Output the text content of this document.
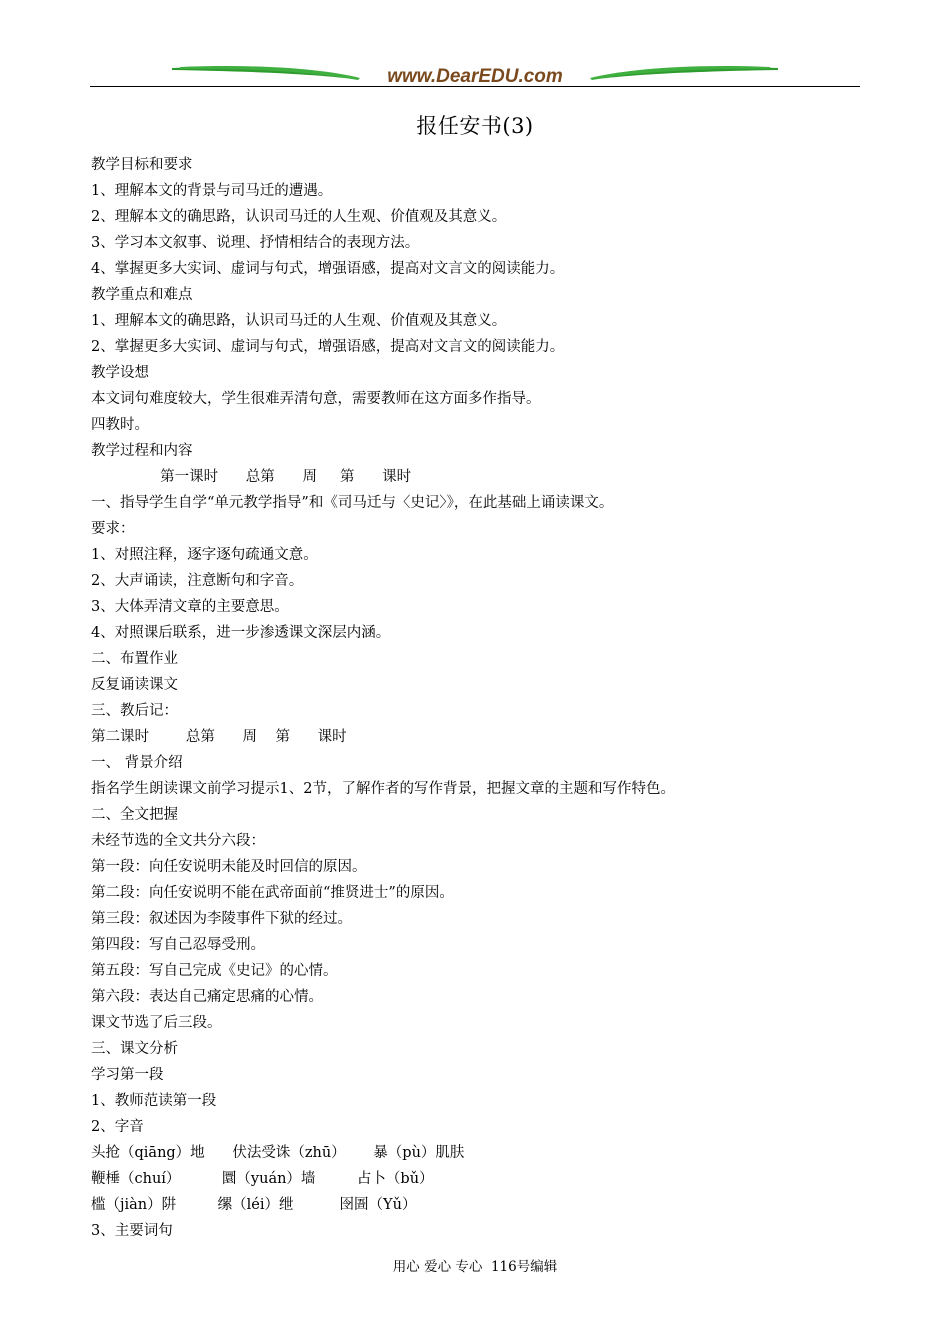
www.DearEDU.com
报任安书(3)
教学目标和要求
1、理解本文的背景与司马迁的遭遇。
2、理解本文的确思路，认识司马迁的人生观、价值观及其意义。
3、学习本文叙事、说理、抒情相结合的表现方法。
4、掌握更多大实词、虚词与句式，增强语感，提高对文言文的阅读能力。
教学重点和难点
1、理解本文的确思路，认识司马迁的人生观、价值观及其意义。
2、掌握更多大实词、虚词与句式，增强语感，提高对文言文的阅读能力。
教学设想
本文词句难度较大，学生很难弄清句意，需要教师在这方面多作指导。
四教时。
教学过程和内容
第一课时      总第      周     第      课时
一、指导学生自学“单元教学指导”和《司马迁与〈史记〉》，在此基础上诵读课文。
要求：
1、对照注释，逐字逐句疏通文意。
2、大声诵读，注意断句和字音。
3、大体弄清文章的主要意思。
4、对照课后联系，进一步渗透课文深层内涵。
二、布置作业
反复诵读课文
三、教后记：
第二课时        总第      周    第      课时
一、 背景介绍
指名学生朗读课文前学习提示1、2节，了解作者的写作背景，把握文章的主题和写作特色。
二、全文把握
未经节选的全文共分六段：
第一段：向任安说明未能及时回信的原因。
第二段：向任安说明不能在武帝面前“推贤进士”的原因。
第三段：叙述因为李陵事件下狱的经过。
第四段：写自己忍辱受刑。
第五段：写自己完成《史记》的心情。
第六段：表达自己痛定思痛的心情。
课文节选了后三段。
三、课文分析
学习第一段
1、教师范读第一段
2、字音
头抢（qiāng）地      伏法受诛（zhū）      暴（pù）肌肤
鞭棰（chuí）         圜（yuán）墙         占卜（bǔ）
槛（jiàn）阱         缧（léi）绁          囹圄（Yǔ）
3、主要词句
用心 爱心 专心  116号编辑
